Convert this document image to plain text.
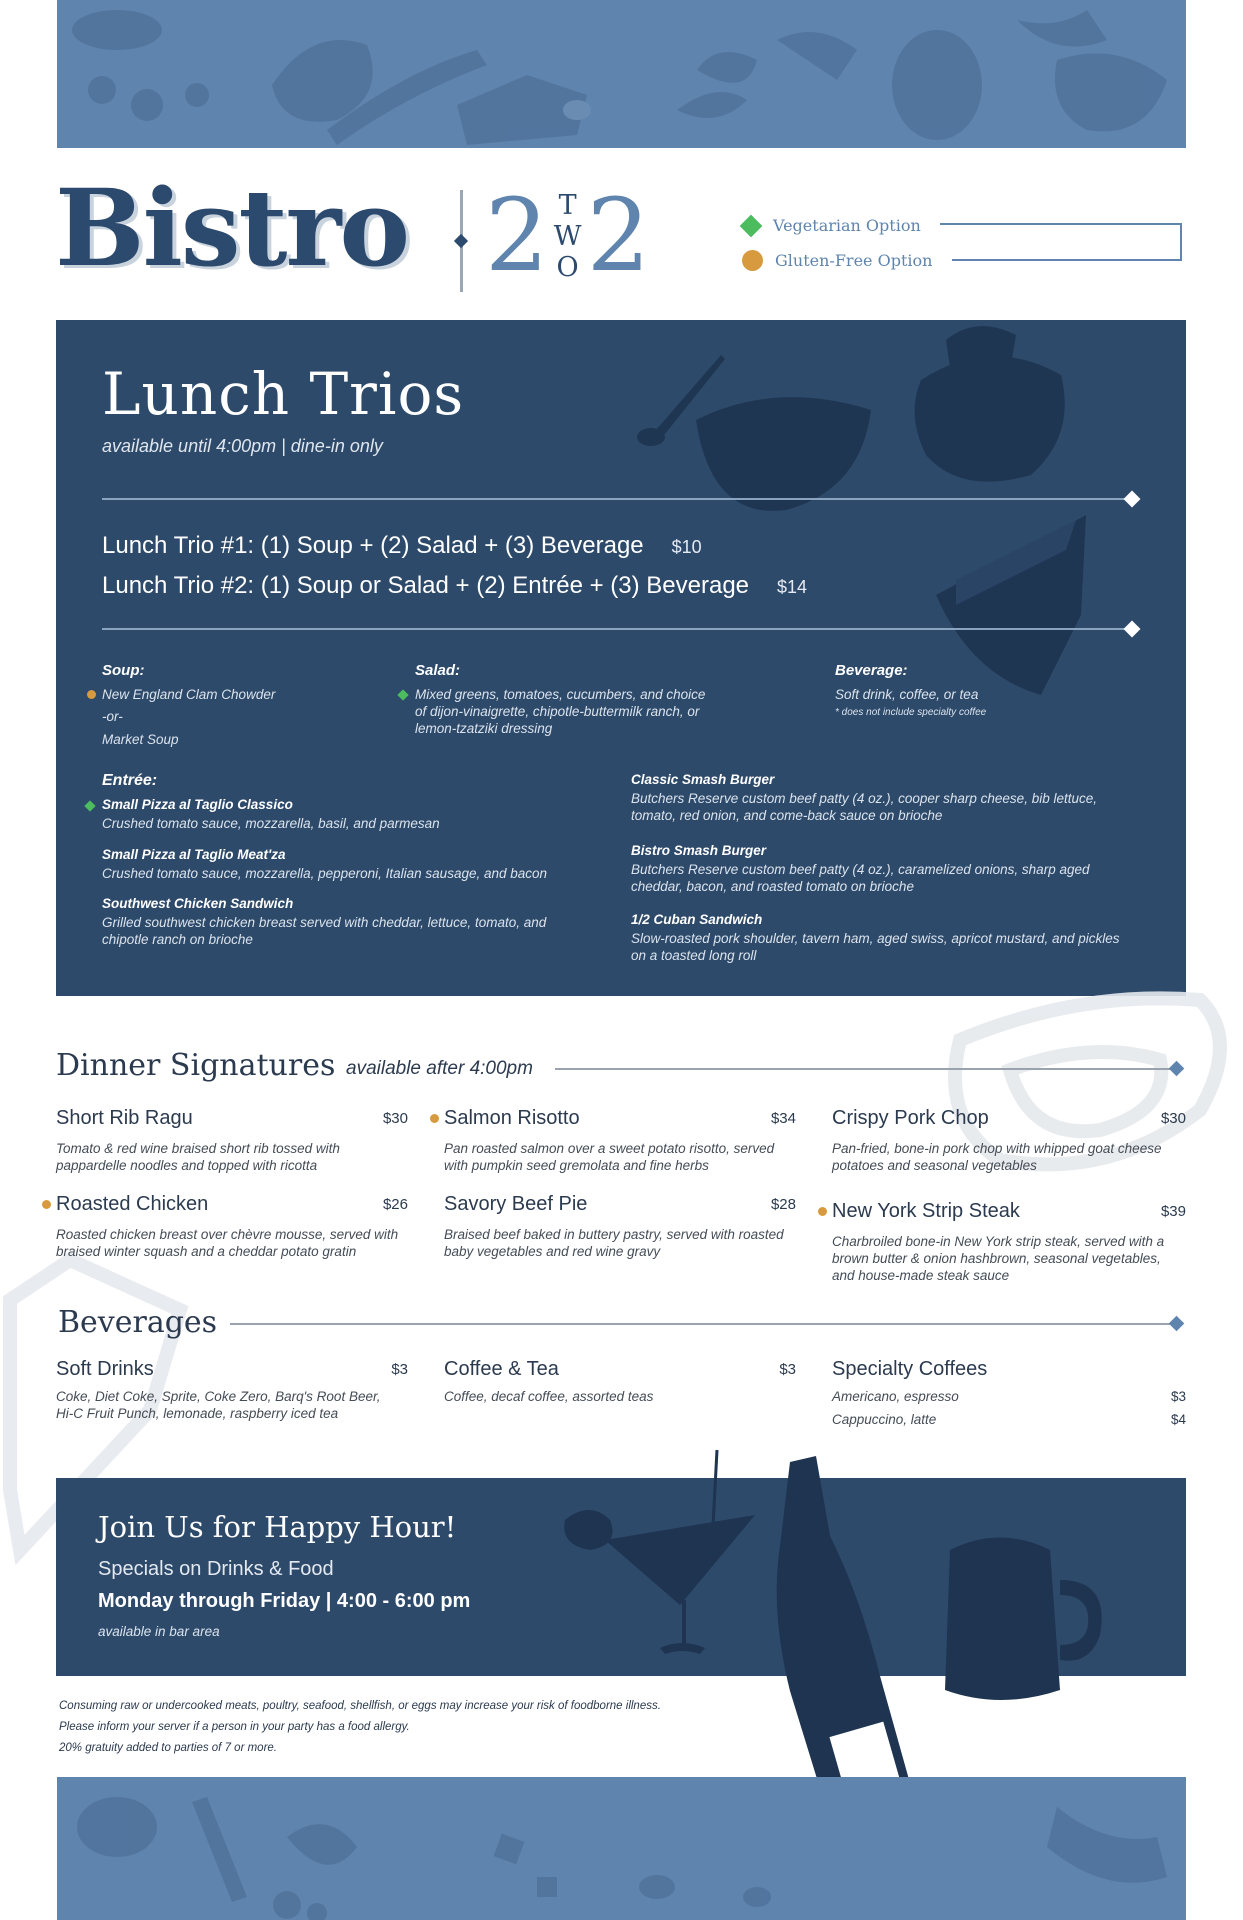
Bistro 2 T
W
O2	Vegetarian Option
Gluten-Free Option
Lunch Trios
available until 4:00pm | dine-in only
Lunch Trio #1: (1) Soup + (2) Salad + (3) Beverage $10
Lunch Trio #2: (1) Soup or Salad + (2) Entrée + (3) Beverage $14
Soup:
New England Clam Chowder
-or-
Market Soup
Salad:
Mixed greens, tomatoes, cucumbers, and choice
of dijon-vinaigrette, chipotle-buttermilk ranch, or
lemon-tzatziki dressing
Beverage:
Soft drink, coffee, or tea
* does not include specialty coffee
Entrée:
Small Pizza al Taglio Classico
Crushed tomato sauce, mozzarella, basil, and parmesan
Small Pizza al Taglio Meat'za
Crushed tomato sauce, mozzarella, pepperoni, Italian sausage, and bacon
Southwest Chicken Sandwich
Grilled southwest chicken breast served with cheddar, lettuce, tomato, and
chipotle ranch on brioche
Classic Smash Burger
Butchers Reserve custom beef patty (4 oz.), cooper sharp cheese, bib lettuce,
tomato, red onion, and come-back sauce on brioche
Bistro Smash Burger
Butchers Reserve custom beef patty (4 oz.), caramelized onions, sharp aged
cheddar, bacon, and roasted tomato on brioche
1/2 Cuban Sandwich
Slow-roasted pork shoulder, tavern ham, aged swiss, apricot mustard, and pickles
on a toasted long roll
Dinner Signatures available after 4:00pm
Short Rib Ragu	$30
Tomato & red wine braised short rib tossed with
pappardelle noodles and topped with ricotta
Roasted Chicken	$26
Roasted chicken breast over chèvre mousse, served with
braised winter squash and a cheddar potato gratin
Salmon Risotto	$34
Pan roasted salmon over a sweet potato risotto, served
with pumpkin seed gremolata and fine herbs
Savory Beef Pie	$28
Braised beef baked in buttery pastry, served with roasted
baby vegetables and red wine gravy
Crispy Pork Chop	$30
Pan-fried, bone-in pork chop with whipped goat cheese
potatoes and seasonal vegetables
New York Strip Steak	$39
Charbroiled bone-in New York strip steak, served with a
brown butter & onion hashbrown, seasonal vegetables,
and house-made steak sauce
Beverages
Soft Drinks	$3
Coke, Diet Coke, Sprite, Coke Zero, Barq's Root Beer,
Hi-C Fruit Punch, lemonade, raspberry iced tea
Coffee & Tea	$3
Coffee, decaf coffee, assorted teas
Specialty Coffees
Americano, espresso	$3
Cappuccino, latte	$4
Join Us for Happy Hour!
Specials on Drinks & Food
Monday through Friday | 4:00 - 6:00 pm
available in bar area
Consuming raw or undercooked meats, poultry, seafood, shellfish, or eggs may increase your risk of foodborne illness.
Please inform your server if a person in your party has a food allergy.
20% gratuity added to parties of 7 or more.
